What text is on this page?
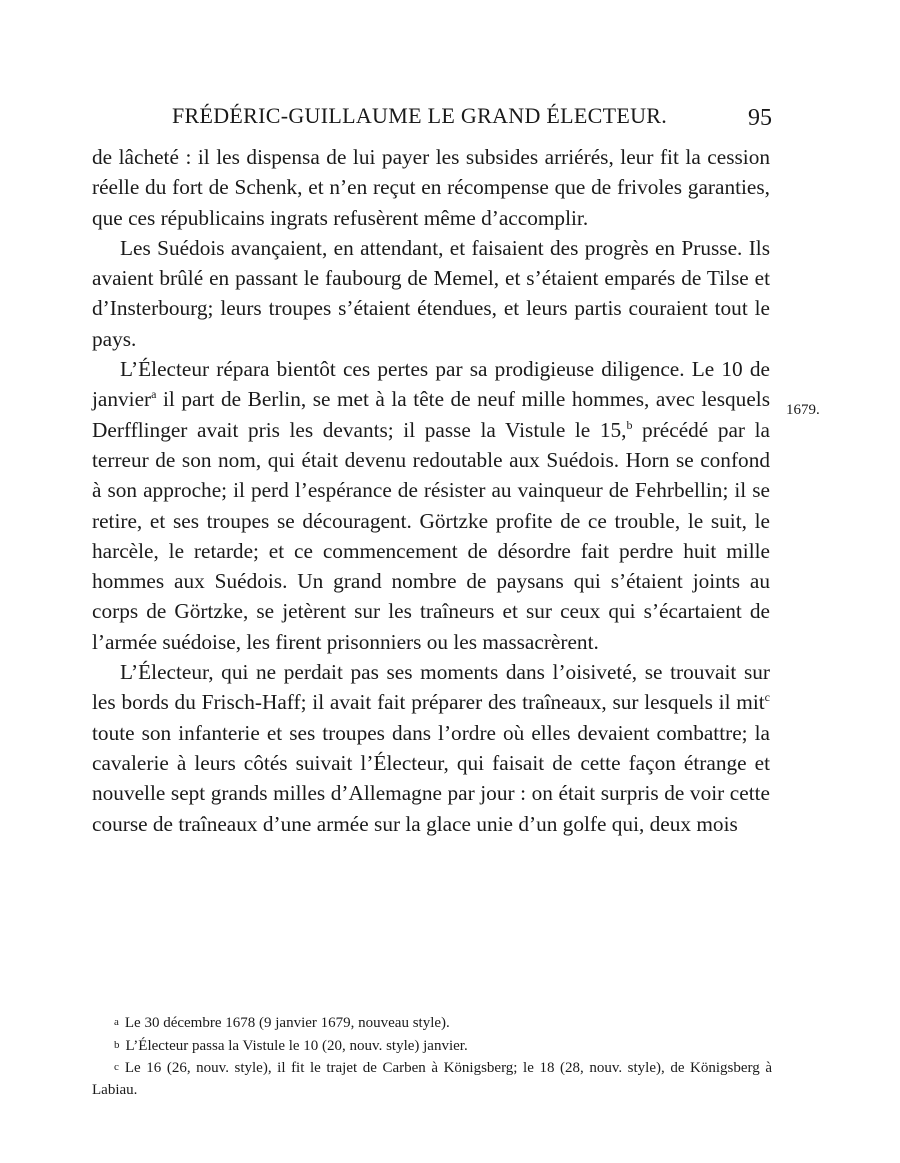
FRÉDÉRIC-GUILLAUME LE GRAND ÉLECTEUR.	95

de lâcheté : il les dispensa de lui payer les subsides arriérés, leur fit la cession réelle du fort de Schenk, et n’en reçut en récompense que de frivoles garanties, que ces républicains ingrats refusèrent même d’accomplir.

Les Suédois avançaient, en attendant, et faisaient des progrès en Prusse. Ils avaient brûlé en passant le faubourg de Memel, et s’étaient emparés de Tilse et d’Insterbourg; leurs troupes s’étaient étendues, et leurs partis couraient tout le pays.

L’Électeur répara bientôt ces pertes par sa prodigieuse diligence. Le 10 de janvier$^a$ il part de Berlin, se met à la tête de neuf mille hommes, avec lesquels Derfflinger avait pris les devants; il passe la Vistule le 15,$^b$ précédé par la terreur de son nom, qui était devenu redoutable aux Suédois. Horn se confond à son approche; il perd l’espérance de résister au vainqueur de Fehrbellin; il se retire, et ses troupes se découragent. Görtzke profite de ce trouble, le suit, le harcèle, le retarde; et ce commencement de désordre fait perdre huit mille hommes aux Suédois. Un grand nombre de paysans qui s’étaient joints au corps de Görtzke, se jetèrent sur les traîneurs et sur ceux qui s’écartaient de l’armée suédoise, les firent prisonniers ou les massacrèrent.

L’Électeur, qui ne perdait pas ses moments dans l’oisiveté, se trouvait sur les bords du Frisch-Haff; il avait fait préparer des traîneaux, sur lesquels il mit$^c$ toute son infanterie et ses troupes dans l’ordre où elles devaient combattre; la cavalerie à leurs côtés suivait l’Électeur, qui faisait de cette façon étrange et nouvelle sept grands milles d’Allemagne par jour : on était surpris de voir cette course de traîneaux d’une armée sur la glace unie d’un golfe qui, deux mois

1679.

a Le 30 décembre 1678 (9 janvier 1679, nouveau style).

b L’Électeur passa la Vistule le 10 (20, nouv. style) janvier.

c Le 16 (26, nouv. style), il fit le trajet de Carben à Königsberg; le 18 (28, nouv. style), de Königsberg à Labiau.
